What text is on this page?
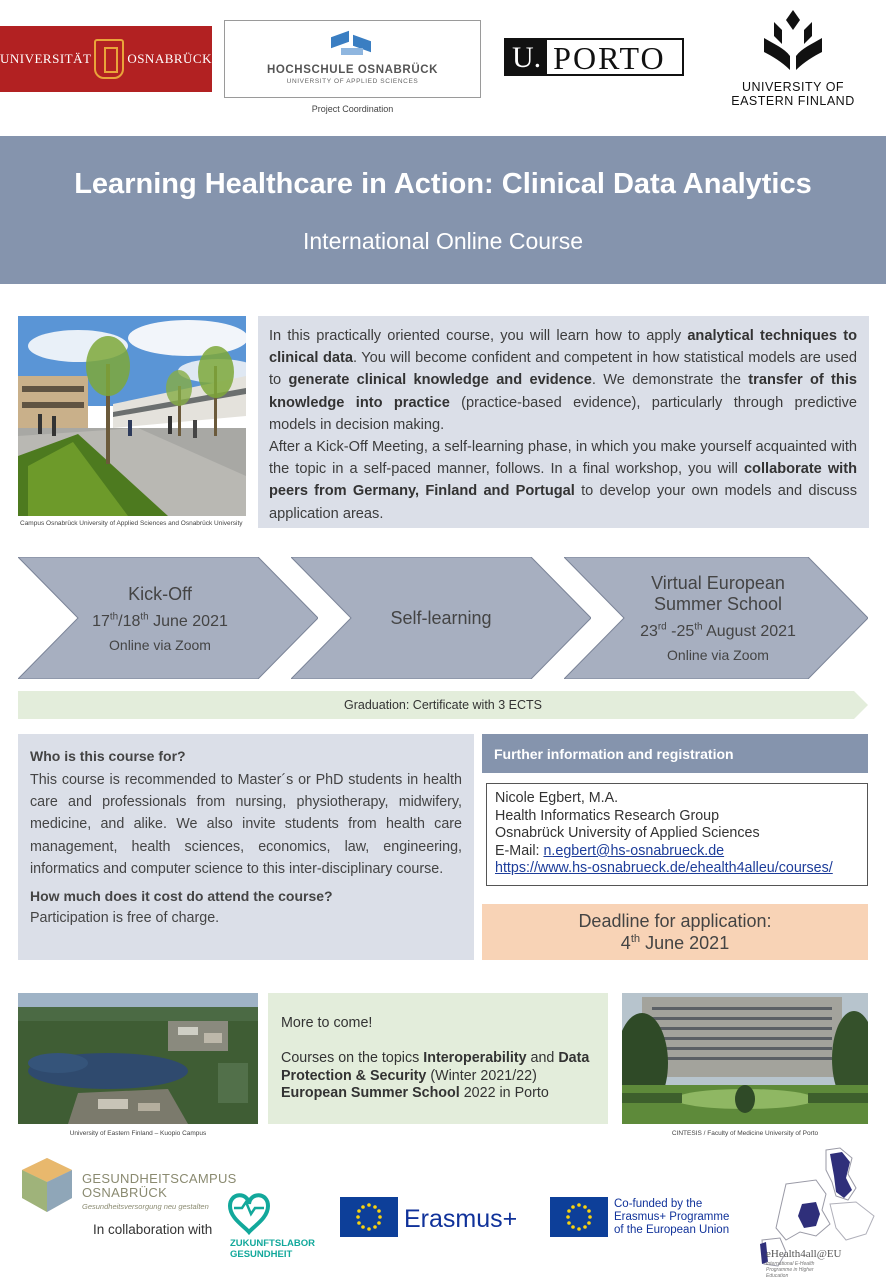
UNIVERSITÄT	OSNABRÜCK
HOCHSCHULE OSNABRÜCK
UNIVERSITY OF APPLIED SCIENCES
Project Coordination
U. PORTO
UNIVERSITY OF
EASTERN FINLAND
Learning Healthcare in Action: Clinical Data Analytics
International Online Course
Campus Osnabrück University of Applied Sciences and Osnabrück University
In this practically oriented course, you will learn how to apply analytical techniques to clinical data. You will become confident and competent in how statistical models are used to generate clinical knowledge and evidence. We demonstrate the transfer of this knowledge into practice (practice-based evidence), particularly through predictive models in decision making.
After a Kick-Off Meeting, a self-learning phase, in which you make yourself acquainted with the topic in a self-paced manner, follows. In a final workshop, you will collaborate with peers from Germany, Finland and Portugal to develop your own models and discuss application areas.
Kick-Off
17th/18th June 2021
Online via Zoom
Self-learning
Virtual European
Summer School
23rd -25th August 2021
Online via Zoom
Graduation: Certificate with 3 ECTS
Who is this course for?
This course is recommended to Master´s or PhD students in health care and professionals from nursing, physiotherapy, midwifery, medicine, and alike. We also invite students from health care management, health sciences, economics, law, engineering, informatics and computer science to this inter-disciplinary course.
How much does it cost do attend the course?
Participation is free of charge.
Further information and registration
Nicole Egbert, M.A.
Health Informatics Research Group
Osnabrück University of Applied Sciences
E-Mail: n.egbert@hs-osnabrueck.de
https://www.hs-osnabrueck.de/ehealth4alleu/courses/
Deadline for application:
4th June 2021
University of Eastern Finland – Kuopio Campus
More to come!
Courses on the topics Interoperability and Data Protection & Security (Winter 2021/22)
European Summer School 2022 in Porto
CINTESIS / Faculty of Medicine University of Porto
GESUNDHEITSCAMPUS
OSNABRÜCK
Gesundheitsversorgung neu gestalten
In collaboration with
ZUKUNFTSLABOR
GESUNDHEIT
Erasmus+
Co-funded by the
Erasmus+ Programme
of the European Union
eHealth4all@EU
International E-Health Programme in Higher Education
